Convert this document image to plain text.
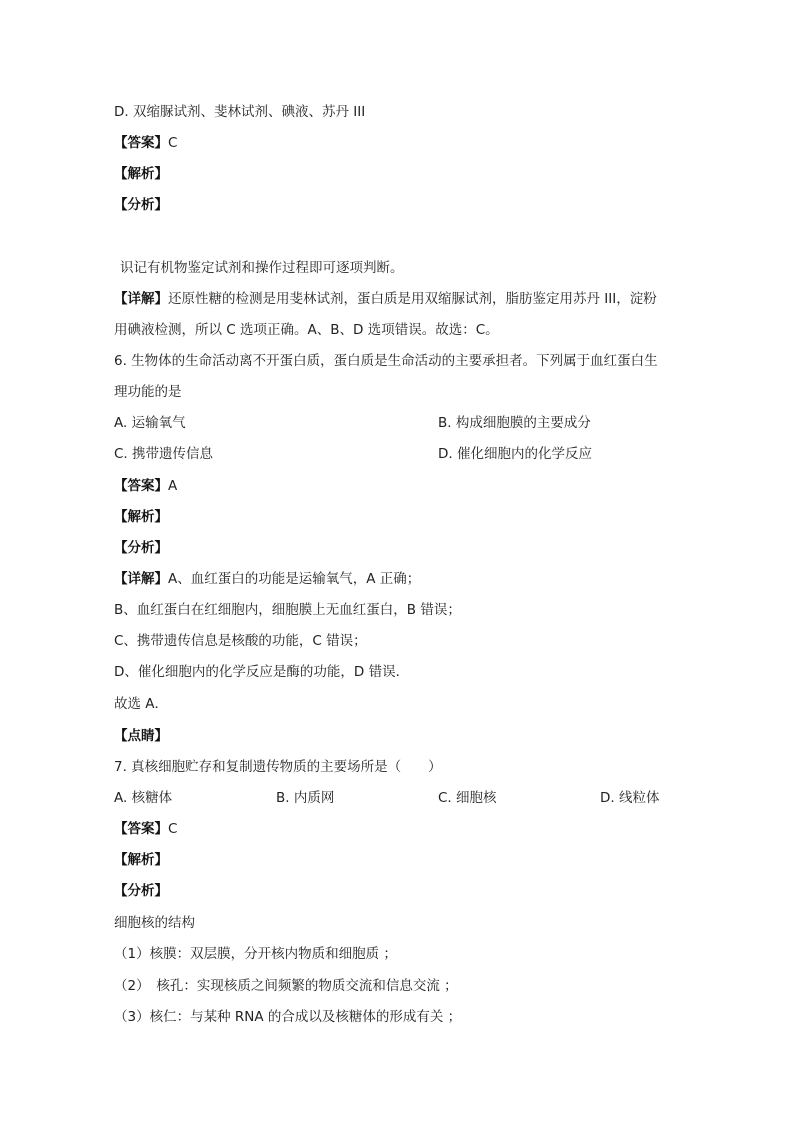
D. 双缩脲试剂、斐林试剂、碘液、苏丹 III
【答案】C
【解析】
【分析】
识记有机物鉴定试剂和操作过程即可逐项判断。
【详解】还原性糖的检测是用斐林试剂，蛋白质是用双缩脲试剂，脂肪鉴定用苏丹 III，淀粉
用碘液检测，所以 C 选项正确。A、B、D 选项错误。故选：C。
6. 生物体的生命活动离不开蛋白质，蛋白质是生命活动的主要承担者。下列属于血红蛋白生
理功能的是
A. 运输氧气	B. 构成细胞膜的主要成分
C. 携带遗传信息	D. 催化细胞内的化学反应
【答案】A
【解析】
【分析】
【详解】A、血红蛋白的功能是运输氧气，A 正确；
B、血红蛋白在红细胞内，细胞膜上无血红蛋白，B 错误；
C、携带遗传信息是核酸的功能，C 错误；
D、催化细胞内的化学反应是酶的功能，D 错误．
故选 A．
【点睛】
7. 真核细胞贮存和复制遗传物质的主要场所是（　　）
A. 核糖体	B. 内质网	C. 细胞核	D. 线粒体
【答案】C
【解析】
【分析】
细胞核的结构
（1）核膜：双层膜，分开核内物质和细胞质 ；
（2）　核孔：实现核质之间频繁的物质交流和信息交流 ；
（3）核仁：与某种 RNA 的合成以及核糖体的形成有关 ；
